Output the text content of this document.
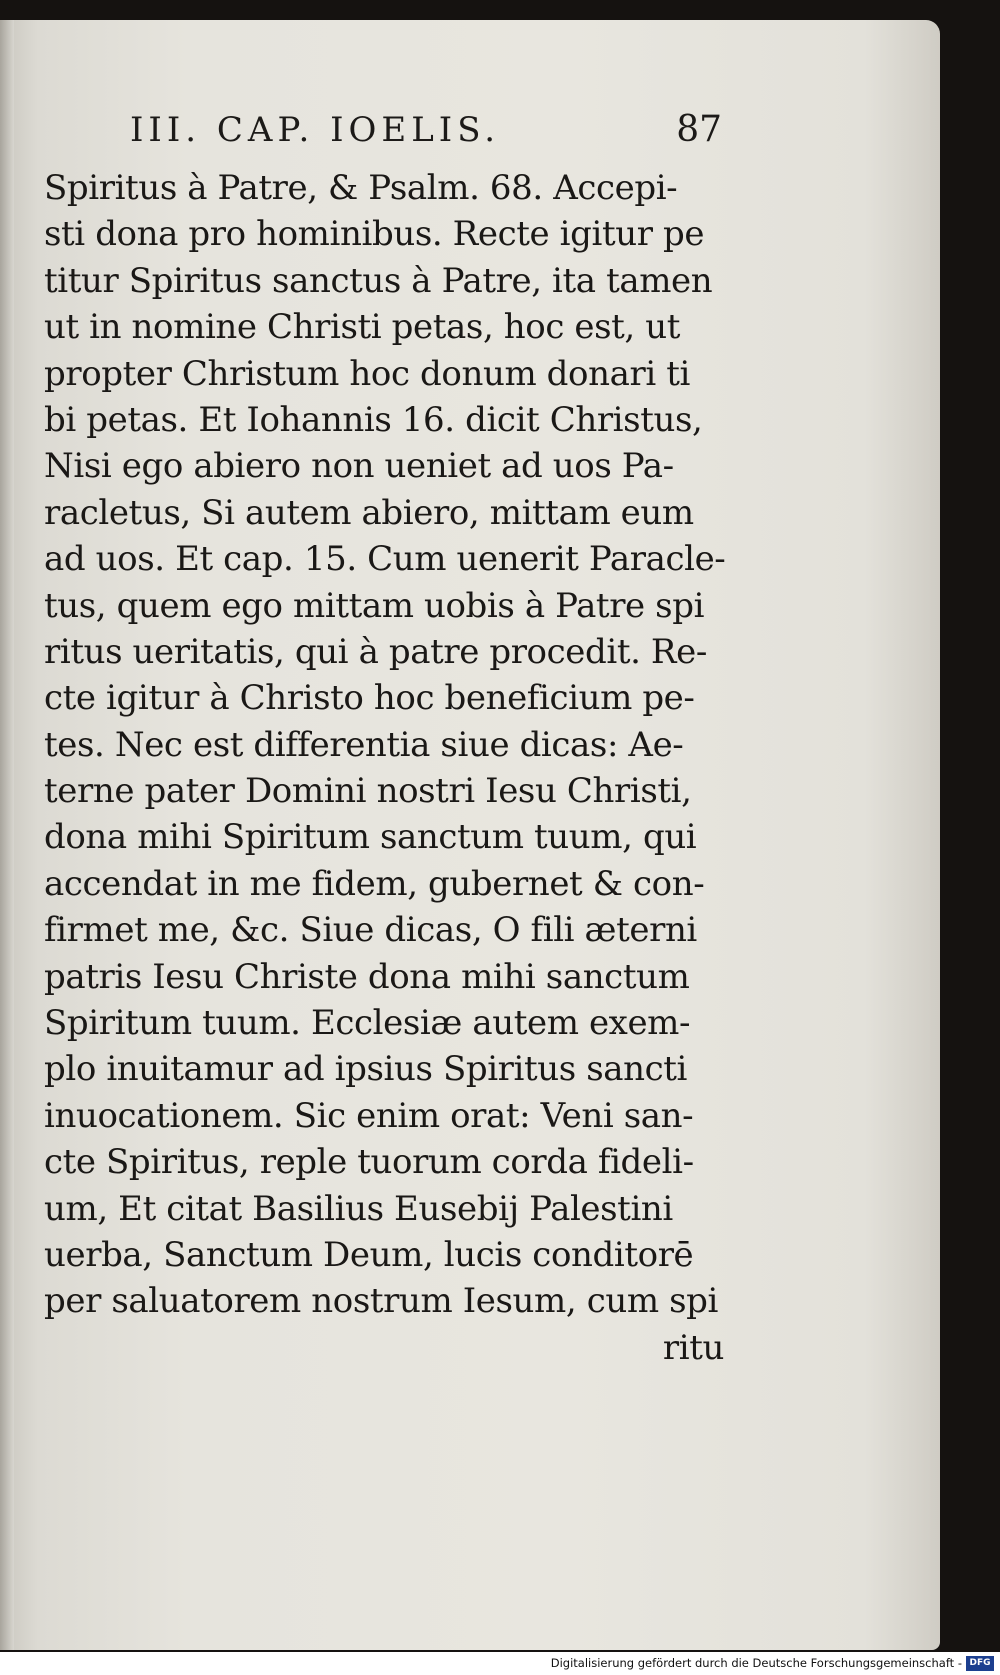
III. CAP. IOELIS.	87
Spiritus à Patre, & Psalm. 68. Accepi-
sti dona pro hominibus. Recte igitur pe
titur Spiritus sanctus à Patre, ita tamen
ut in nomine Christi petas, hoc est, ut
propter Christum hoc donum donari ti
bi petas. Et Iohannis 16. dicit Christus,
Nisi ego abiero non ueniet ad uos Pa-
racletus, Si autem abiero, mittam eum
ad uos. Et cap. 15. Cum uenerit Paracle-
tus, quem ego mittam uobis à Patre spi
ritus ueritatis, qui à patre procedit. Re-
cte igitur à Christo hoc beneficium pe-
tes. Nec est differentia siue dicas: Ae-
terne pater Domini nostri Iesu Christi,
dona mihi Spiritum sanctum tuum, qui
accendat in me fidem, gubernet & con-
firmet me, &c. Siue dicas, O fili æterni
patris Iesu Christe dona mihi sanctum
Spiritum tuum. Ecclesiæ autem exem-
plo inuitamur ad ipsius Spiritus sancti
inuocationem. Sic enim orat: Veni san-
cte Spiritus, reple tuorum corda fideli-
um, Et citat Basilius Eusebij Palestini
uerba, Sanctum Deum, lucis conditorē
per saluatorem nostrum Iesum, cum spi
ritu
Digitalisierung gefördert durch die Deutsche Forschungsgemeinschaft - DFG
